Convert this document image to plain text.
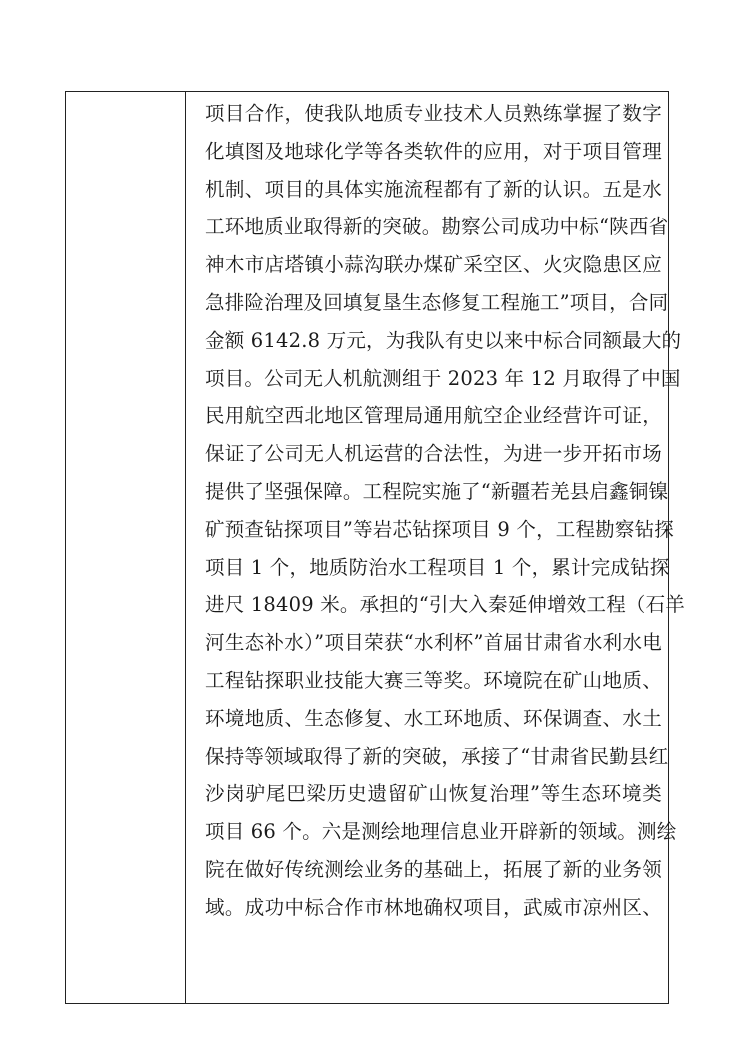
项目合作，使我队地质专业技术人员熟练掌握了数字
化填图及地球化学等各类软件的应用，对于项目管理
机制、项目的具体实施流程都有了新的认识。五是水
工环地质业取得新的突破。勘察公司成功中标“陕西省
神木市店塔镇小蒜沟联办煤矿采空区、火灾隐患区应
急排险治理及回填复垦生态修复工程施工”项目，合同
金额 6142.8 万元，为我队有史以来中标合同额最大的
项目。公司无人机航测组于 2023 年 12 月取得了中国
民用航空西北地区管理局通用航空企业经营许可证，
保证了公司无人机运营的合法性，为进一步开拓市场
提供了坚强保障。工程院实施了“新疆若羌县启鑫铜镍
矿预查钻探项目”等岩芯钻探项目 9 个，工程勘察钻探
项目 1 个，地质防治水工程项目 1 个，累计完成钻探
进尺 18409 米。承担的“引大入秦延伸增效工程（石羊
河生态补水）”项目荣获“水利杯”首届甘肃省水利水电
工程钻探职业技能大赛三等奖。环境院在矿山地质、
环境地质、生态修复、水工环地质、环保调查、水土
保持等领域取得了新的突破，承接了“甘肃省民勤县红
沙岗驴尾巴梁历史遗留矿山恢复治理”等生态环境类
项目 66 个。六是测绘地理信息业开辟新的领域。测绘
院在做好传统测绘业务的基础上，拓展了新的业务领
域。成功中标合作市林地确权项目，武威市凉州区、
